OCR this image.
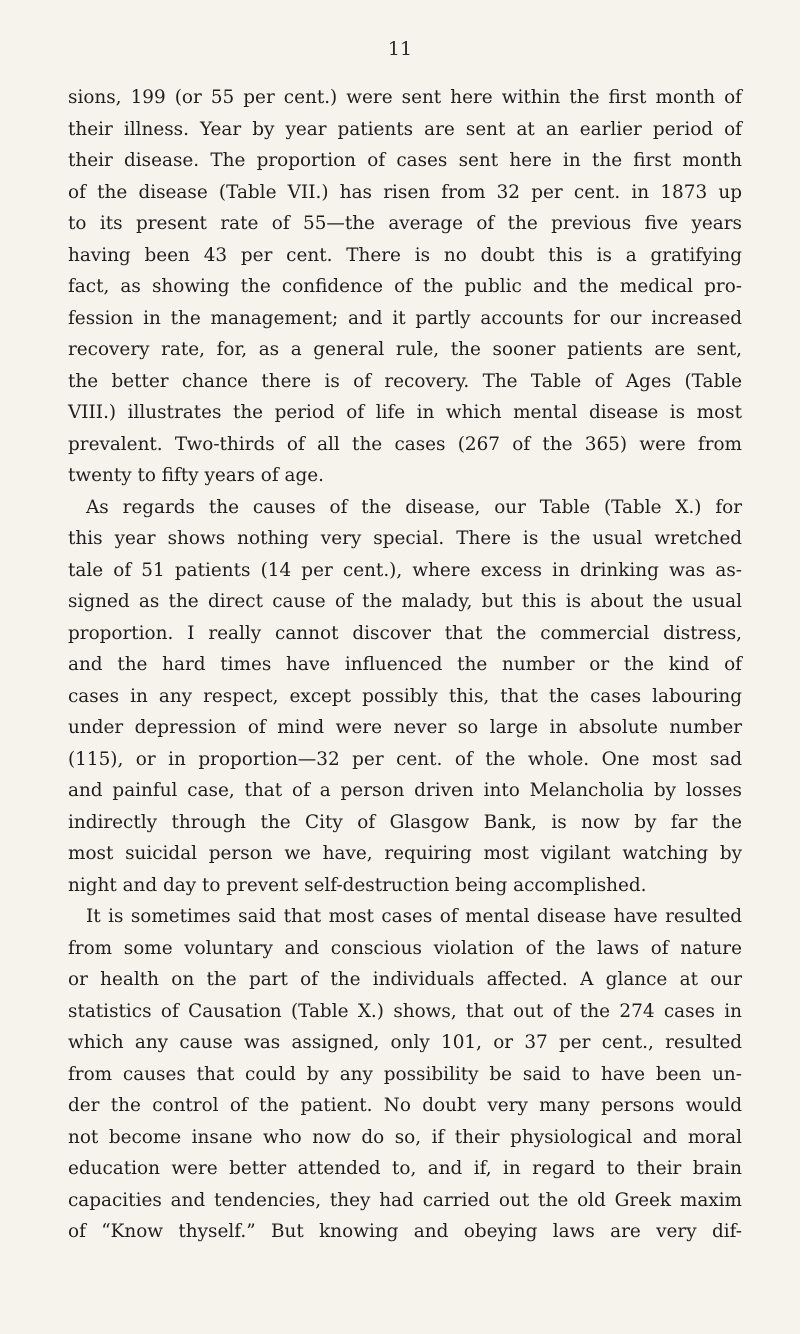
11
sions, 199 (or 55 per cent.) were sent here within the first month of
their illness. Year by year patients are sent at an earlier period of
their disease. The proportion of cases sent here in the first month
of the disease (Table VII.) has risen from 32 per cent. in 1873 up
to its present rate of 55—the average of the previous five years
having been 43 per cent. There is no doubt this is a gratifying
fact, as showing the confidence of the public and the medical pro-
fession in the management; and it partly accounts for our increased
recovery rate, for, as a general rule, the sooner patients are sent,
the better chance there is of recovery. The Table of Ages (Table
VIII.) illustrates the period of life in which mental disease is most
prevalent. Two-thirds of all the cases (267 of the 365) were from
twenty to fifty years of age.
As regards the causes of the disease, our Table (Table X.) for
this year shows nothing very special. There is the usual wretched
tale of 51 patients (14 per cent.), where excess in drinking was as-
signed as the direct cause of the malady, but this is about the usual
proportion. I really cannot discover that the commercial distress,
and the hard times have influenced the number or the kind of
cases in any respect, except possibly this, that the cases labouring
under depression of mind were never so large in absolute number
(115), or in proportion—32 per cent. of the whole. One most sad
and painful case, that of a person driven into Melancholia by losses
indirectly through the City of Glasgow Bank, is now by far the
most suicidal person we have, requiring most vigilant watching by
night and day to prevent self-destruction being accomplished.
It is sometimes said that most cases of mental disease have resulted
from some voluntary and conscious violation of the laws of nature
or health on the part of the individuals affected. A glance at our
statistics of Causation (Table X.) shows, that out of the 274 cases in
which any cause was assigned, only 101, or 37 per cent., resulted
from causes that could by any possibility be said to have been un-
der the control of the patient. No doubt very many persons would
not become insane who now do so, if their physiological and moral
education were better attended to, and if, in regard to their brain
capacities and tendencies, they had carried out the old Greek maxim
of “Know thyself.” But knowing and obeying laws are very dif-
